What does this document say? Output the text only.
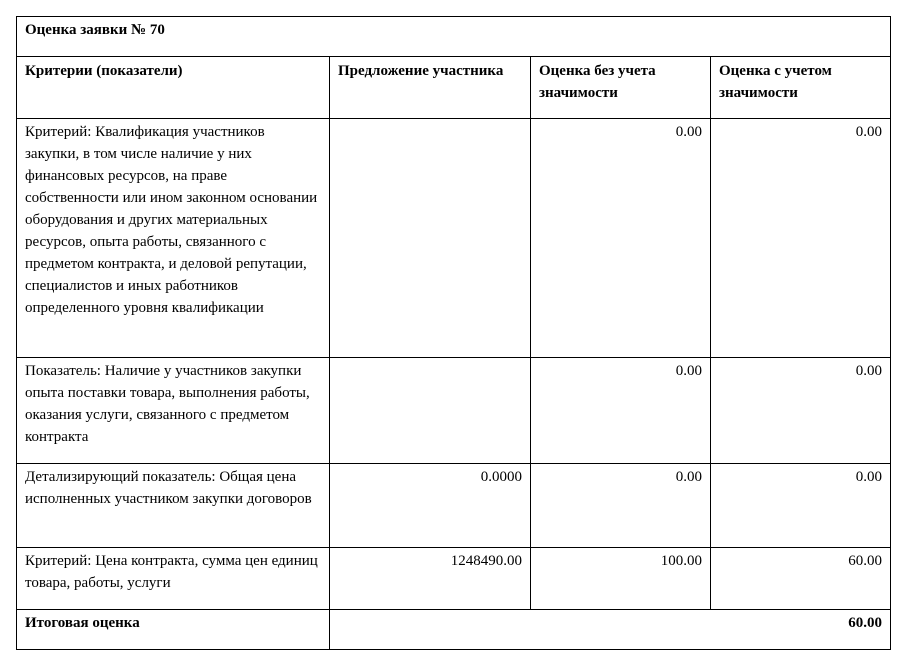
Оценка заявки № 70			
Критерии (показатели)	Предложение участника	Оценка без учета значимости	Оценка с учетом значимости
Критерий: Квалификация участников закупки, в том числе наличие у них финансовых ресурсов, на праве собственности или ином законном основании оборудования и других материальных ресурсов, опыта работы, связанного с предметом контракта, и деловой репутации, специалистов и иных работников определенного уровня квалификации		0.00	0.00
Показатель: Наличие у участников закупки опыта поставки товара, выполнения работы, оказания услуги, связанного с предметом контракта		0.00	0.00
Детализирующий показатель: Общая цена исполненных участником закупки договоров	0.0000	0.00	0.00
Критерий: Цена контракта, сумма цен единиц товара, работы, услуги	1248490.00	100.00	60.00
Итоговая оценка	60.00		
